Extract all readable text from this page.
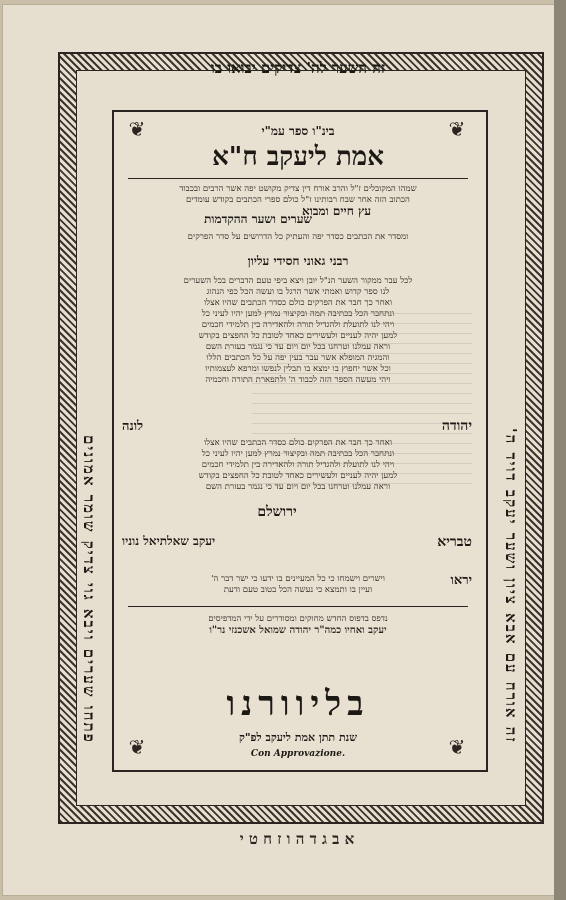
זה השער לה' צדיקים יבואו בו
פתחו שערים ויבא גוי צדיק שומר אמונים	זה אורח עם אבא ציון ושער יעקב דויד ה'
❦	❦
❦	❦
בינ"ו ספר עמ"י
אמת ליעקב ח"א
שערים ושער ההקדמות
עץ חיים ומבוא
רבני גאוני חסידי עליון
שמהו המקובלים ז"ל והרב אורח דין צדיק מקושט יפה אשר הרבים ובכבוד
הכתוב הזה אחר שבח רבותינו ז"ל כולם ספרי הכתבים בקודש עומדים
ומסדר את הכתבים כסדר יפה והעתיק כל הדרושים על סדר הפרקים
לכל עבר ממקור השער הנ"ל יובן ויצא ביפי טעם הדברים בכל השערים
לנו ספר קדוש ואמתי אשר הרגל בו ועשה הכל כפי הנהוג
ואחר כך חבר את הפרקים כולם כסדר הכתבים שהיו אצלו
ונתחבר הכל בכתיבה תמה ובקיצור נמרץ למען יהיו לעיני כל
ויהי לנו לתועלת ולהגדיל תורה ולהאדירה בין תלמידי חכמים
למען יהיה לעניים ולעשירים כאחד לטובת כל החפצים בקודש
וראה עמלנו וטרחנו בכל יום ויום עד כי נגמר בעזרת השם
והמגיה המופלא אשר עבר בעין יפה על כל הכתבים הללו
וכל אשר יחפוץ בו ימצא בו תבלין לנפשו ומרפא לעצמותיו
ויהי מעשה הספר הזה לכבוד ה' ולתפארת התורה וחכמיה
יהודה
לונה
ואחר כך חבר את הפרקים כולם כסדר הכתבים שהיו אצלו
ונתחבר הכל בכתיבה תמה ובקיצור נמרץ למען יהיו לעיני כל
ויהי לנו לתועלת ולהגדיל תורה ולהאדירה בין תלמידי חכמים
למען יהיה לעניים ולעשירים כאחד לטובת כל החפצים בקודש
וראה עמלנו וטרחנו בכל יום ויום עד כי נגמר בעזרת השם
ירושלם
טבריא
יעקב שאלתיאל נוניו
יראו
וישרים וישמחו כי כל המעיינים בו ידעו כי ישר דבר ה'
ועיין בו ותמצא כי נעשה הכל בטוב טעם ודעת
נדפס בדפוס החדש מחוקים ומסודרים על ידי המדפיסים
יעקב ואחיו כמה"ר יהודה שמואל אשכנזי נר"ו
בליוורנו
שנת תתן אמת ליעקב לפ"ק
Con Approvazione.
א ב ג ד ה ו ז ח ט י
